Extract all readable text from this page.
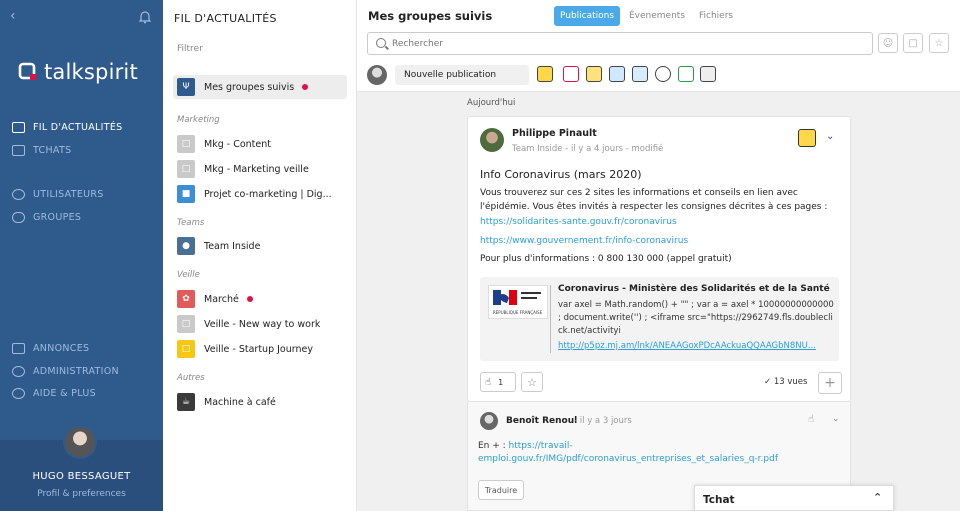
‹
talkspirit
FIL D'ACTUALITÉS
TCHATS
UTILISATEURS
GROUPES
ANNONCES
ADMINISTRATION
AIDE & PLUS
HUGO BESSAGUET
Profil & preferences
FIL D'ACTUALITÉS
Filtrer
Ψ	Mes groupes suivis
Marketing
□	Mkg - Content
□	Mkg - Marketing veille
■	Projet co-marketing | Dig...
Teams
●	Team Inside
Veille
✿	Marché
□	Veille - New way to work
□	Veille - Startup Journey
Autres
☕	Machine à café
Mes groupes suivis	Publications	Évenements	Fichiers
Rechercher
☺ □ ☆
Nouvelle publication
Aujourd'hui
Philippe Pinault
Team Inside - il y a 4 jours - modifié
⌄
Info Coronavirus (mars 2020)
Vous trouverez sur ces 2 sites les informations et conseils en lien avec l'épidémie. Vous êtes invités à respecter les consignes décrites à ces pages :
https://solidarites-sante.gouv.fr/coronavirus
https://www.gouvernement.fr/info-coronavirus
Pour plus d'informations : 0 800 130 000 (appel gratuit)
RÉPUBLIQUE FRANÇAISE
Coronavirus - Ministère des Solidarités et de la Santé
var axel = Math.random() + "" ; var a = axel * 10000000000000 ; document.write('') ; <iframe src="https://2962749.fls.doubleclick.net/activityi
http://p5pz.mj.am/lnk/ANEAAGoxPDcAAckuaQQAAGbN8NU...
☝ 1 ☆	✓ 13 vues +
Benoît Renoul
- il y a 3 jours	☝ ⌄
En + : https://travail-emploi.gouv.fr/IMG/pdf/coronavirus_entreprises_et_salaries_q-r.pdf
Traduire
Tchat	⌃
